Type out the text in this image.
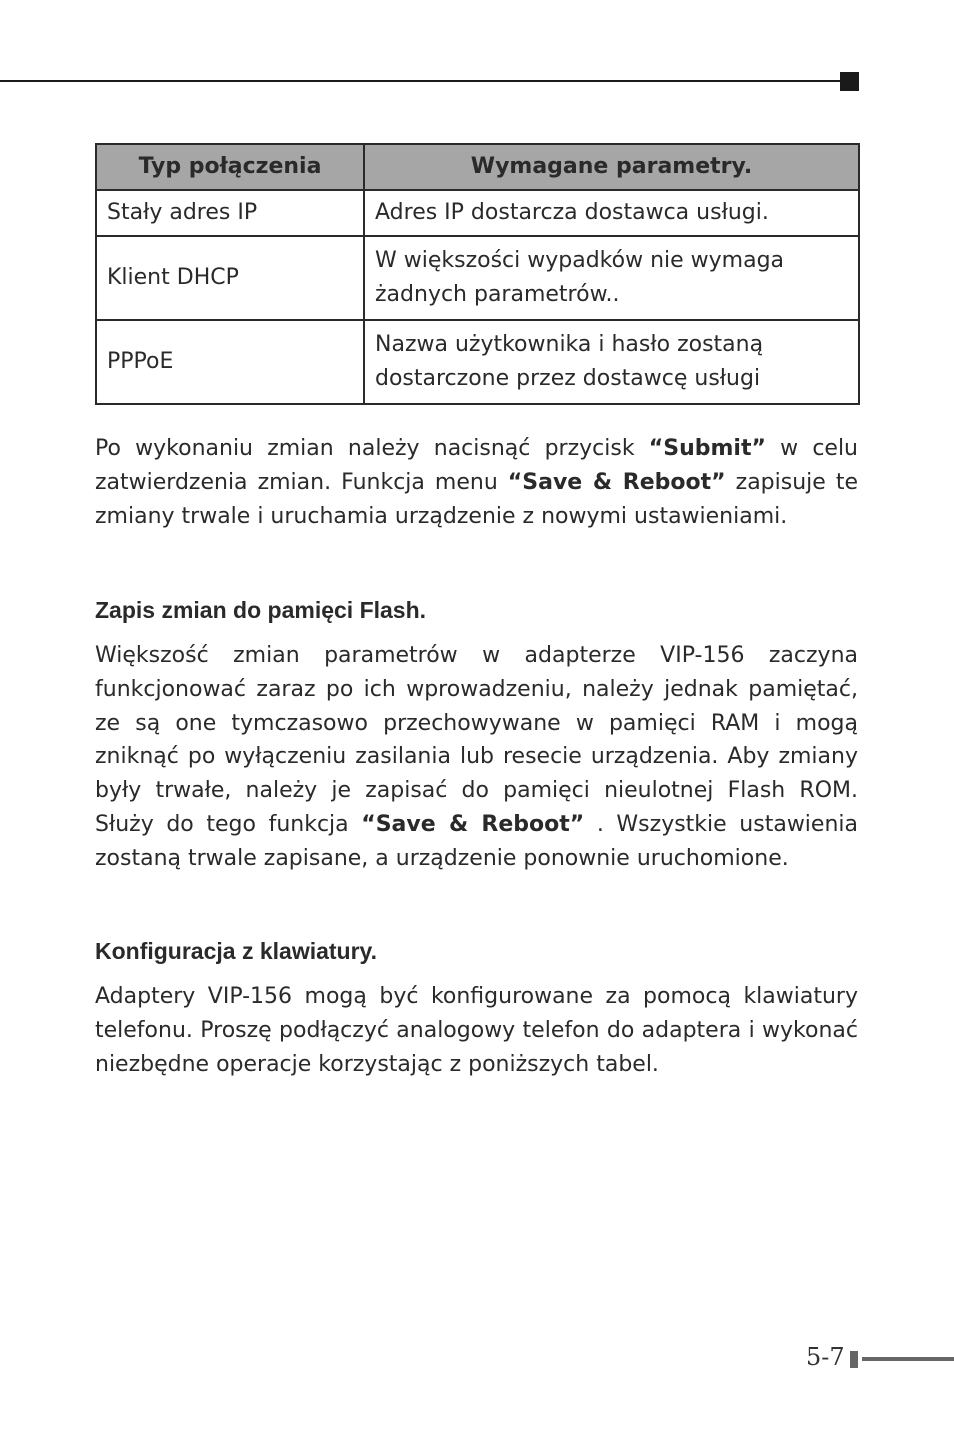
Typ połączenia	Wymagane parametry.
Stały adres IP	Adres IP dostarcza dostawca usługi.
Klient DHCP	W większości wypadków nie wymaga żadnych parametrów..
PPPoE	Nazwa użytkownika i hasło zostaną dostarczone przez dostawcę usługi

Po wykonaniu zmian należy nacisnąć przycisk “Submit” w celu zatwierdzenia zmian. Funkcja menu “Save & Reboot” zapisuje te zmiany trwale i uruchamia urządzenie z nowymi ustawieniami.

Zapis zmian do pamięci Flash.

Większość zmian parametrów w adapterze VIP-156 zaczyna funkcjonować zaraz po ich wprowadzeniu, należy jednak pamiętać, ze są one tymczasowo przechowywane w pamięci RAM i mogą zniknąć po wyłączeniu zasilania lub resecie urządzenia. Aby zmiany były trwałe, należy je zapisać do pamięci nieulotnej Flash ROM. Służy do tego funkcja “Save & Reboot” . Wszystkie ustawienia zostaną trwale zapisane, a urządzenie ponownie uruchomione.

Konfiguracja z klawiatury.

Adaptery VIP-156 mogą być konfigurowane za pomocą klawiatury telefonu. Proszę podłączyć analogowy telefon do adaptera i wykonać niezbędne operacje korzystając z poniższych tabel.

5-7
